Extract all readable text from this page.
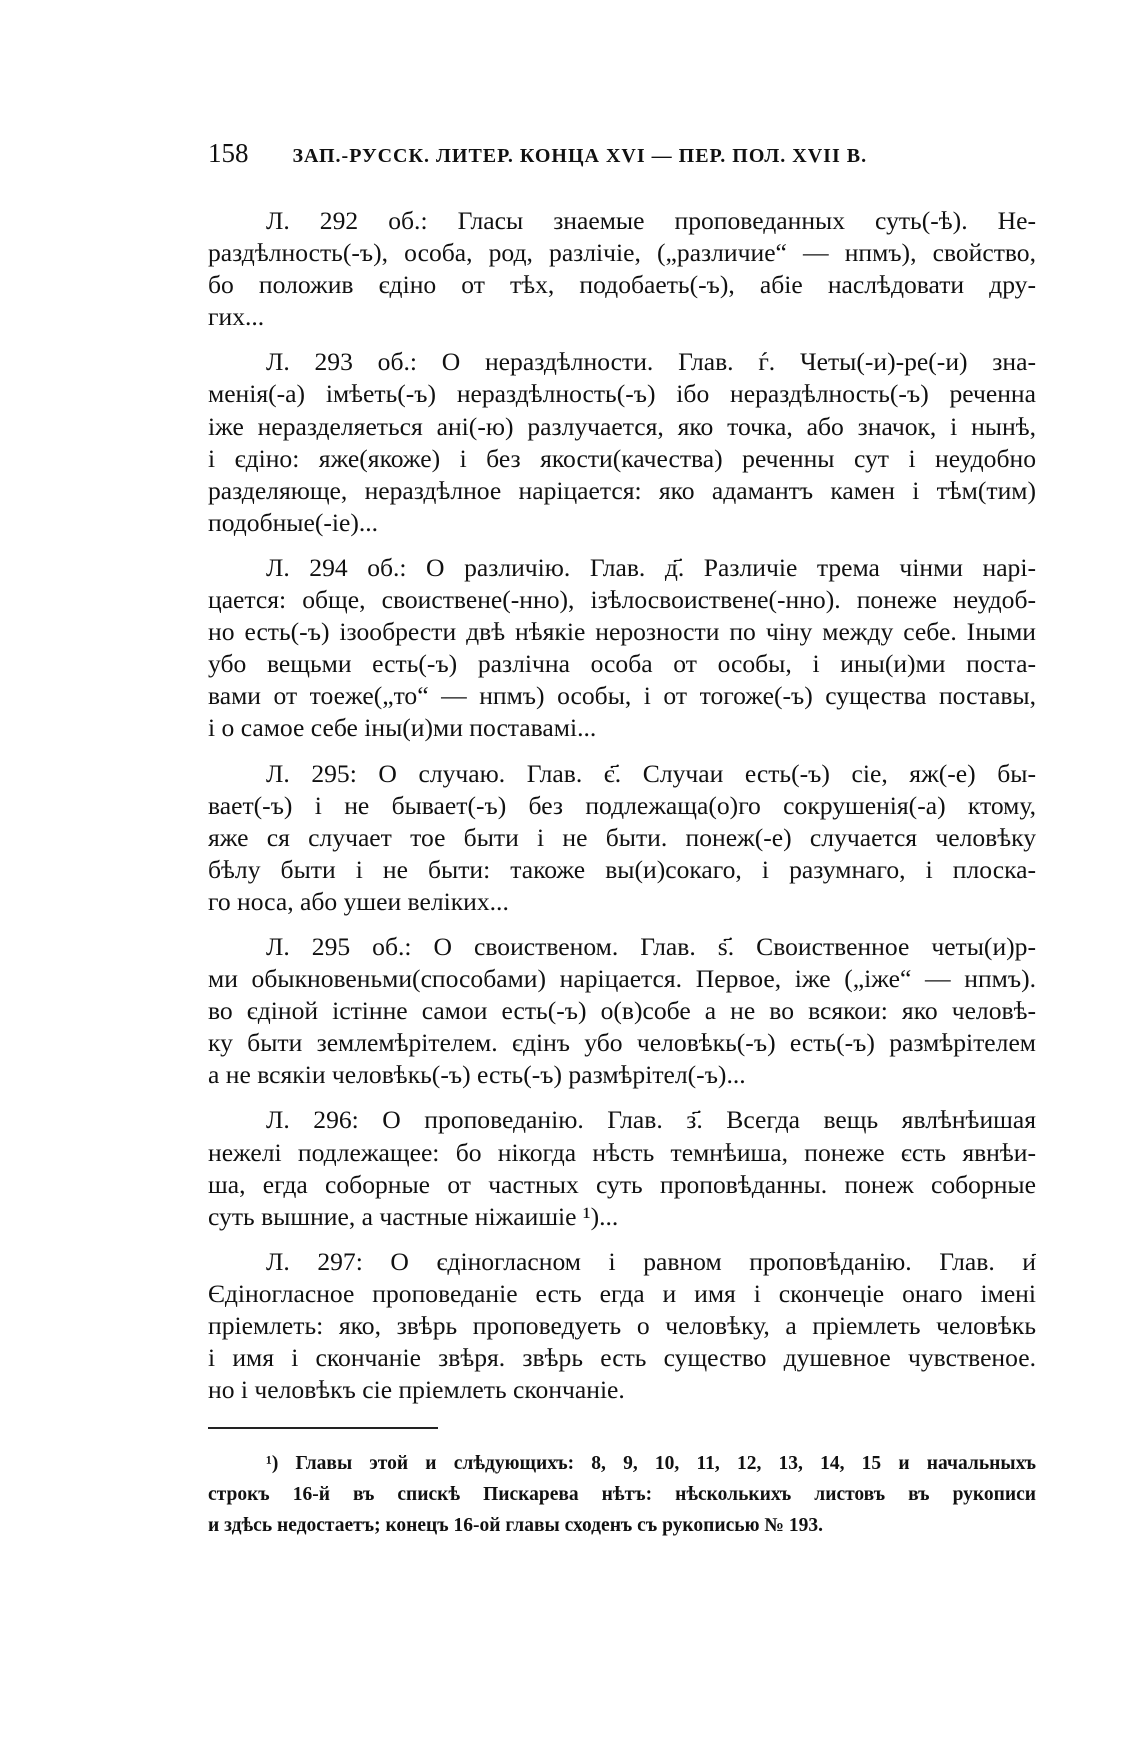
158 ЗАП.-РУССК. ЛИТЕР. КОНЦА XVI — ПЕР. ПОЛ. XVII В.
Л. 292 об.: Гласы знаемые проповеданных суть(-ѣ). Не-
раздѣлность(-ъ), особа, род, разлічіе, („различие“ — нпмъ), свойство,
бо положив єдіно от тѣх, подобаеть(-ъ), абіе наслѣдовати дру-
гих...
Л. 293 об.: О нераздѣлности. Глав. ѓ. Четы(-и)-ре(-и) зна-
менія(-а) імѣеть(-ъ) нераздѣлность(-ъ) ібо нераздѣлность(-ъ) реченна
іже неразделяеться ані(-ю) разлучается, яко точка, або значок, і нынѣ,
і єдіно: яже(якоже) і без якости(качества) реченны сут і неудобно
разделяюще, нераздѣлное наріцается: яко адамантъ камен і тѣм(тим)
подобные(-іе)...
Л. 294 об.: О различію. Глав. д҃. Различіе трема чінми нарі-
цается: обще, своиствене(-нно), ізѣлосвоиствене(-нно). понеже неудоб-
но есть(-ъ) ізоoбрести двѣ нѣякіе нерозности по чіну между себе. Іными
убо вещьми есть(-ъ) разлічна особа от особы, і ины(и)ми поста-
вами от тоеже(„то“ — нпмъ) особы, і от тогоже(-ъ) существа поставы,
і о самое себе іны(и)ми поставамі...
Л. 295: О случаю. Глав. є҃. Случаи есть(-ъ) сіе, яж(-е) бы-
вает(-ъ) і не бывает(-ъ) без подлежаща(о)го сокрушенія(-а) ктому,
яже ся случает тое быти і не быти. понеж(-е) случается человѣку
бѣлу быти і не быти: такоже вы(и)сокаго, і разумнаго, і плоска-
го носа, або ушеи веліких...
Л. 295 об.: О своиственом. Глав. ѕ҃. Своиственное четы(и)р-
ми обыкновеньми(способами) наріцается. Первое, іже („іже“ — нпмъ).
во єдіной істінне самои есть(-ъ) о(в)собе а не во всякои: яко человѣ-
ку быти землемѣрітелем. єдінъ убо человѣкь(-ъ) есть(-ъ) размѣрітелем
а не всякіи человѣкь(-ъ) есть(-ъ) размѣрітел(-ъ)...
Л. 296: О проповеданію. Глав. з҃. Всегда вещь явлѣнѣишая
нежелі подлежащее: бо нікогда нѣсть темнѣиша, понеже єсть явнѣи-
ша, егда соборные от частных суть проповѣданны. понеж соборные
суть вышние, а частные ніжаишіе ¹)...
Л. 297: О єдіногласном і равном проповѣданію. Глав. и҃
Єдіногласное проповеданіе есть егда и имя і скончеціе онаго імені
пріемлеть: яко, звѣрь проповедуеть о человѣку, а пріемлеть человѣкь
і имя і скончаніе звѣря. звѣрь есть существо душевное чувственое.
но і человѣкъ сіе пріемлеть скончаніе.
¹) Главы этой и слѣдующихъ: 8, 9, 10, 11, 12, 13, 14, 15 и начальныхъ
строкъ 16-й въ спискѣ Пискарева нѣтъ: нѣсколькихъ листовъ въ рукописи
и здѣсь недостаетъ; конецъ 16-ой главы сходенъ съ рукописью № 193.
